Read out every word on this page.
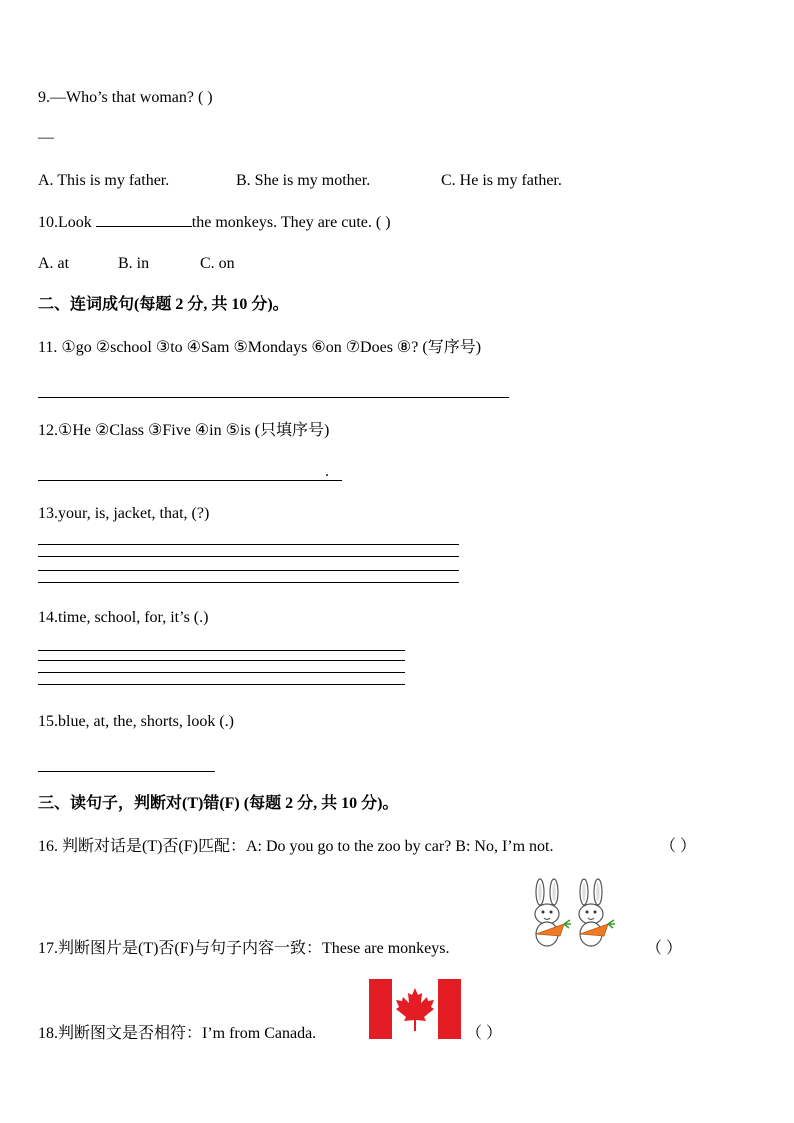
9.—Who’s that woman? ( )
—
A. This is my father.	B. She is my mother.	C. He is my father.
10.Look	the monkeys. They are cute. ( )
A. at	B. in	C. on
二、连词成句(每题 2 分, 共 10 分)。
11. ①go ②school ③to ④Sam ⑤Mondays ⑥on ⑦Does ⑧? (写序号)
12.①He ②Class ③Five ④in ⑤is (只填序号)
.
13.your, is, jacket, that, (?)
14.time, school, for, it’s (.)
15.blue, at, the, shorts, look (.)
三、读句子，判断对(T)错(F) (每题 2 分, 共 10 分)。
16. 判断对话是(T)否(F)匹配：A: Do you go to the zoo by car? B: No, I’m not.	（ ）
17.判断图片是(T)否(F)与句子内容一致：These are monkeys.	（ ）
18.判断图文是否相符：I’m from Canada.	（ ）
